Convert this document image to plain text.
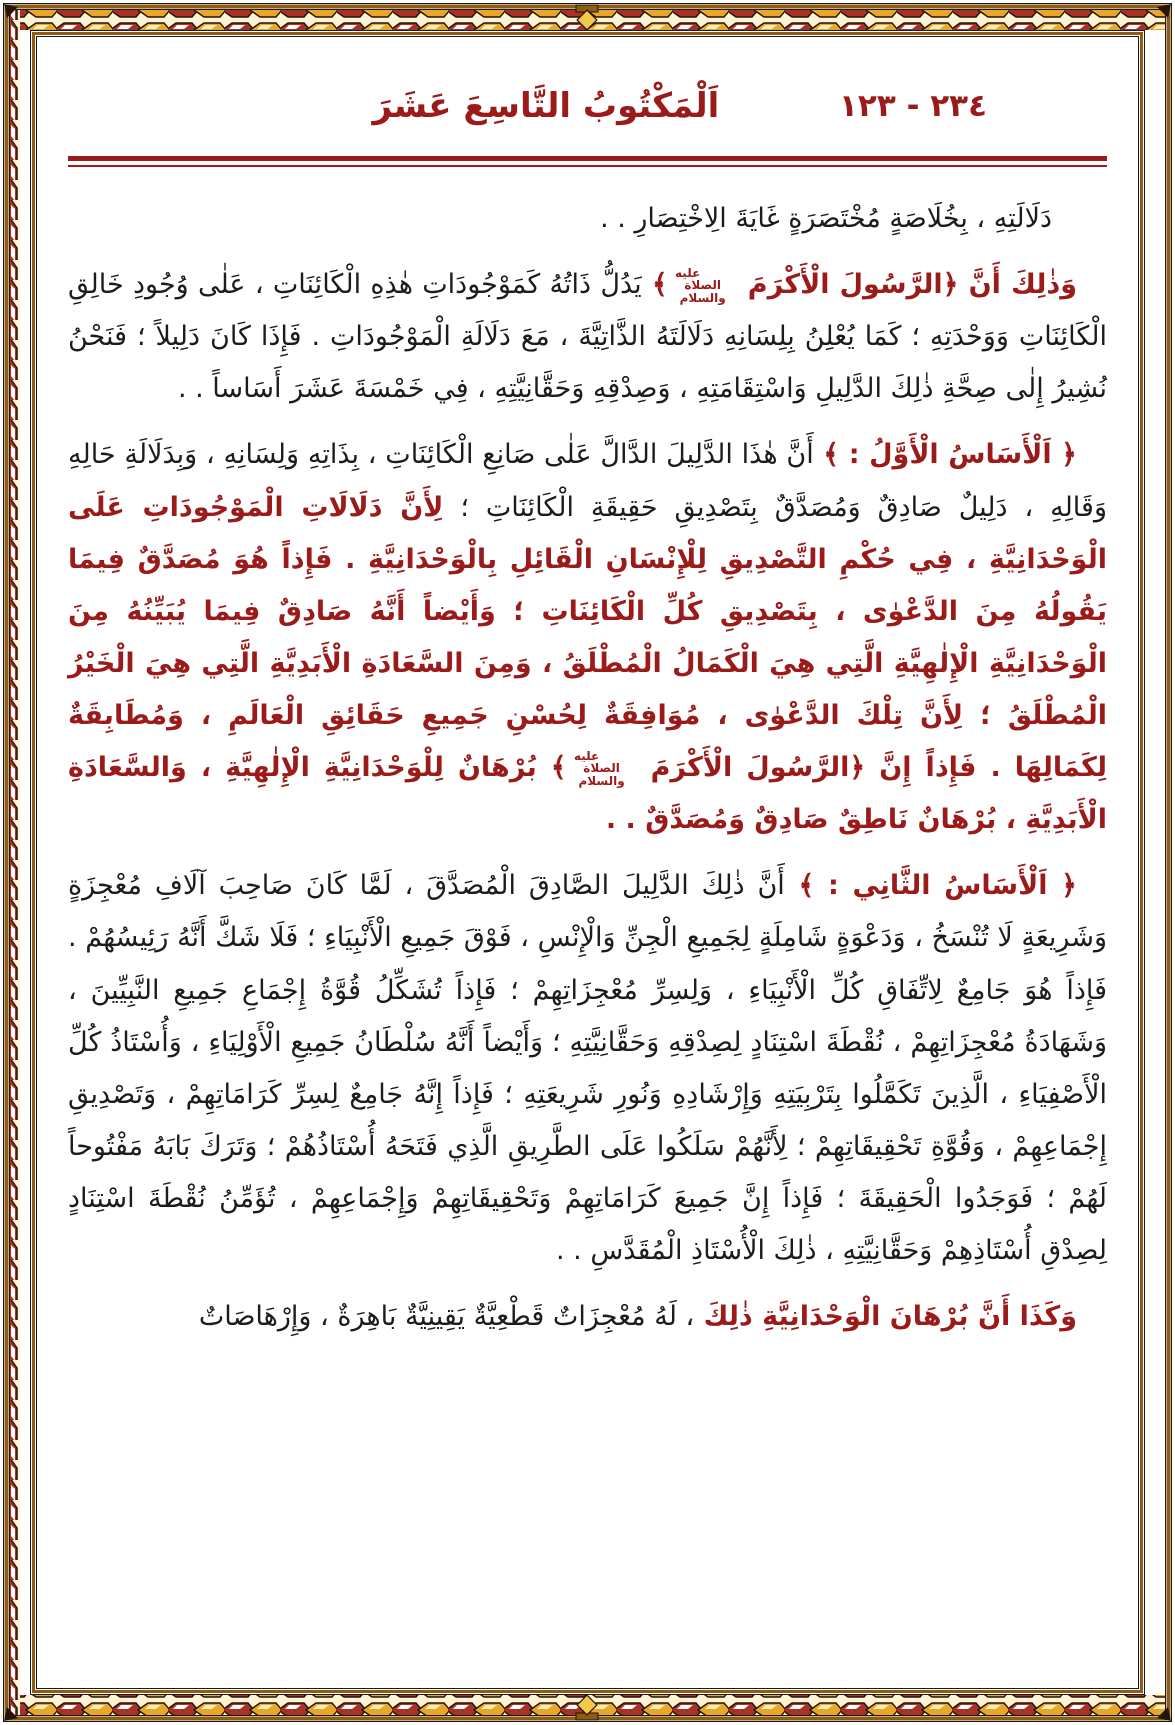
اَلْمَكْتُوبُ التَّاسِعَ عَشَرَ	٢٣٤ - ١٢٣

دَلَالَتِهِ ، بِخُلَاصَةٍ مُخْتَصَرَةٍ غَايَةَ الِاخْتِصَارِ . .

وَذٰلِكَ أَنَّ ﴿الرَّسُولَ الْأَكْرَمَ عليه الصلاة والسلام﴾ يَدُلُّ ذَاتُهُ كَمَوْجُودَاتِ هٰذِهِ الْكَائِنَاتِ ، عَلٰى وُجُودِ خَالِقِ الْكَائِنَاتِ وَوَحْدَتِهِ ؛ كَمَا يُعْلِنُ بِلِسَانِهِ دَلَالَتَهُ الذَّاتِيَّةَ ، مَعَ دَلَالَةِ الْمَوْجُودَاتِ . فَإِذَا كَانَ دَلِيلاً ؛ فَنَحْنُ نُشِيرُ إِلٰى صِحَّةِ ذٰلِكَ الدَّلِيلِ وَاسْتِقَامَتِهِ ، وَصِدْقِهِ وَحَقَّانِيَّتِهِ ، فِي خَمْسَةَ عَشَرَ أَسَاساً . .

﴿ اَلْأَسَاسُ الْأَوَّلُ : ﴾ أَنَّ هٰذَا الدَّلِيلَ الدَّالَّ عَلٰى صَانِعِ الْكَائِنَاتِ ، بِذَاتِهِ وَلِسَانِهِ ، وَبِدَلَالَةِ حَالِهِ وَقَالِهِ ، دَلِيلٌ صَادِقٌ وَمُصَدَّقٌ بِتَصْدِيقِ حَقِيقَةِ الْكَائِنَاتِ ؛ لِأَنَّ دَلَالَاتِ الْمَوْجُودَاتِ عَلَى الْوَحْدَانِيَّةِ ، فِي حُكْمِ التَّصْدِيقِ لِلْإِنْسَانِ الْقَائِلِ بِالْوَحْدَانِيَّةِ . فَإِذاً هُوَ مُصَدَّقٌ فِيمَا يَقُولُهُ مِنَ الدَّعْوٰى ، بِتَصْدِيقِ كُلِّ الْكَائِنَاتِ ؛ وَأَيْضاً أَنَّهُ صَادِقٌ فِيمَا يُبَيِّنُهُ مِنَ الْوَحْدَانِيَّةِ الْإِلٰهِيَّةِ الَّتِي هِيَ الْكَمَالُ الْمُطْلَقُ ، وَمِنَ السَّعَادَةِ الْأَبَدِيَّةِ الَّتِي هِيَ الْخَيْرُ الْمُطْلَقُ ؛ لِأَنَّ تِلْكَ الدَّعْوٰى ، مُوَافِقَةٌ لِحُسْنِ جَمِيعِ حَقَائِقِ الْعَالَمِ ، وَمُطَابِقَةٌ لِكَمَالِهَا . فَإِذاً إِنَّ ﴿الرَّسُولَ الْأَكْرَمَ عليه الصلاة والسلام﴾ بُرْهَانٌ لِلْوَحْدَانِيَّةِ الْإِلٰهِيَّةِ ، وَالسَّعَادَةِ الْأَبَدِيَّةِ ، بُرْهَانٌ نَاطِقٌ صَادِقٌ وَمُصَدَّقٌ . .

﴿ اَلْأَسَاسُ الثَّانِي : ﴾ أَنَّ ذٰلِكَ الدَّلِيلَ الصَّادِقَ الْمُصَدَّقَ ، لَمَّا كَانَ صَاحِبَ آلَافِ مُعْجِزَةٍ وَشَرِيعَةٍ لَا تُنْسَخُ ، وَدَعْوَةٍ شَامِلَةٍ لِجَمِيعِ الْجِنِّ وَالْإِنْسِ ، فَوْقَ جَمِيعِ الْأَنْبِيَاءِ ؛ فَلَا شَكَّ أَنَّهُ رَئِيسُهُمْ . فَإِذاً هُوَ جَامِعٌ لِاتِّفَاقِ كُلِّ الْأَنْبِيَاءِ ، وَلِسِرِّ مُعْجِزَاتِهِمْ ؛ فَإِذاً تُشَكِّلُ قُوَّةُ إِجْمَاعِ جَمِيعِ النَّبِيِّينَ ، وَشَهَادَةُ مُعْجِزَاتِهِمْ ، نُقْطَةَ اسْتِنَادٍ لِصِدْقِهِ وَحَقَّانِيَّتِهِ ؛ وَأَيْضاً أَنَّهُ سُلْطَانُ جَمِيعِ الْأَوْلِيَاءِ ، وَأُسْتَاذُ كُلِّ الْأَصْفِيَاءِ ، الَّذِينَ تَكَمَّلُوا بِتَرْبِيَتِهِ وَإِرْشَادِهِ وَنُورِ شَرِيعَتِهِ ؛ فَإِذاً إِنَّهُ جَامِعٌ لِسِرِّ كَرَامَاتِهِمْ ، وَتَصْدِيقِ إِجْمَاعِهِمْ ، وَقُوَّةِ تَحْقِيقَاتِهِمْ ؛ لِأَنَّهُمْ سَلَكُوا عَلَى الطَّرِيقِ الَّذِي فَتَحَهُ أُسْتَاذُهُمْ ؛ وَتَرَكَ بَابَهُ مَفْتُوحاً لَهُمْ ؛ فَوَجَدُوا الْحَقِيقَةَ ؛ فَإِذاً إِنَّ جَمِيعَ كَرَامَاتِهِمْ وَتَحْقِيقَاتِهِمْ وَإِجْمَاعِهِمْ ، تُؤَمِّنُ نُقْطَةَ اسْتِنَادٍ لِصِدْقِ أُسْتَاذِهِمْ وَحَقَّانِيَّتِهِ ، ذٰلِكَ الْأُسْتَاذِ الْمُقَدَّسِ . .

وَكَذَا أَنَّ بُرْهَانَ الْوَحْدَانِيَّةِ ذٰلِكَ ، لَهُ مُعْجِزَاتٌ قَطْعِيَّةٌ يَقِينِيَّةٌ بَاهِرَةٌ ، وَإِرْهَاصَاتٌ
